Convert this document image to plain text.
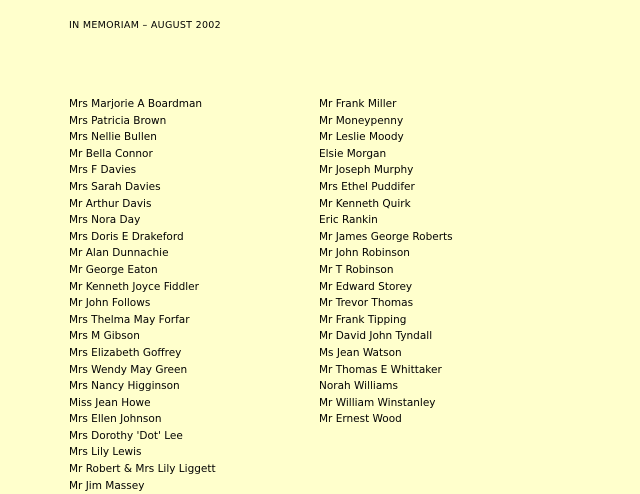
IN MEMORIAM – AUGUST 2002
Mrs Marjorie A Boardman
Mrs Patricia Brown
Mrs Nellie Bullen
Mr Bella Connor
Mrs F Davies
Mrs Sarah Davies
Mr Arthur Davis
Mrs Nora Day
Mrs Doris E Drakeford
Mr Alan Dunnachie
Mr George Eaton
Mr Kenneth Joyce Fiddler
Mr John Follows
Mrs Thelma May Forfar
Mrs M Gibson
Mrs Elizabeth Goffrey
Mrs Wendy May Green
Mrs Nancy Higginson
Miss Jean Howe
Mrs Ellen Johnson
Mrs Dorothy 'Dot' Lee
Mrs Lily Lewis
Mr Robert & Mrs Lily Liggett
Mr Jim Massey
Mr Frank Miller
Mr Moneypenny
Mr Leslie Moody
Elsie Morgan
Mr Joseph Murphy
Mrs Ethel Puddifer
Mr Kenneth Quirk
Eric Rankin
Mr James George Roberts
Mr John Robinson
Mr T Robinson
Mr Edward Storey
Mr Trevor Thomas
Mr Frank Tipping
Mr David John Tyndall
Ms Jean Watson
Mr Thomas E Whittaker
Norah Williams
Mr William Winstanley
Mr Ernest Wood
